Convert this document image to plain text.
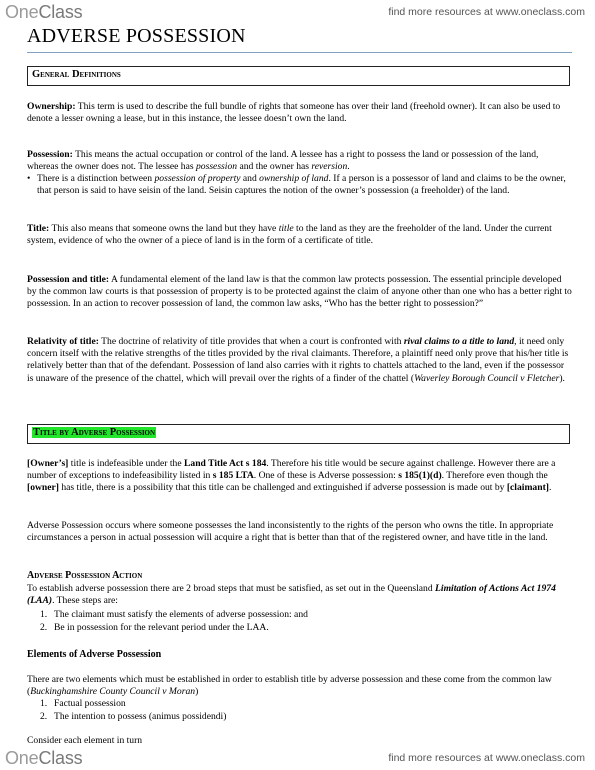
OneClass	find more resources at www.oneclass.com
ADVERSE POSSESSION
General Definitions

Ownership: This term is used to describe the full bundle of rights that someone has over their land (freehold owner). It can also be used to denote a lesser owning a lease, but in this instance, the lessee doesn’t own the land.

Possession: This means the actual occupation or control of the land. A lessee has a right to possess the land or possession of the land, whereas the owner does not. The lessee has possession and the owner has reversion.

• There is a distinction between possession of property and ownership of land. If a person is a possessor of land and claims to be the owner, that person is said to have seisin of the land. Seisin captures the notion of the owner’s possession (a freeholder) of the land.

Title: This also means that someone owns the land but they have title to the land as they are the freeholder of the land. Under the current system, evidence of who the owner of a piece of land is in the form of a certificate of title.

Possession and title: A fundamental element of the land law is that the common law protects possession. The essential principle developed by the common law courts is that possession of property is to be protected against the claim of anyone other than one who has a better right to possession. In an action to recover possession of land, the common law asks, “Who has the better right to possession?”

Relativity of title: The doctrine of relativity of title provides that when a court is confronted with rival claims to a title to land, it need only concern itself with the relative strengths of the titles provided by the rival claimants. Therefore, a plaintiff need only prove that his/her title is relatively better than that of the defendant. Possession of land also carries with it rights to chattels attached to the land, even if the possessor is unaware of the presence of the chattel, which will prevail over the rights of a finder of the chattel (Waverley Borough Council v Fletcher).

Title by Adverse Possession

[Owner’s] title is indefeasible under the Land Title Act s 184. Therefore his title would be secure against challenge. However there are a number of exceptions to indefeasibility listed in s 185 LTA. One of these is Adverse possession: s 185(1)(d). Therefore even though the [owner] has title, there is a possibility that this title can be challenged and extinguished if adverse possession is made out by [claimant].

Adverse Possession occurs where someone possesses the land inconsistently to the rights of the person who owns the title. In appropriate circumstances a person in actual possession will acquire a right that is better than that of the registered owner, and have title in the land.

Adverse Possession Action

To establish adverse possession there are 2 broad steps that must be satisfied, as set out in the Queensland Limitation of Actions Act 1974 (LAA). These steps are:

1. The claimant must satisfy the elements of adverse possession: and
2. Be in possession for the relevant period under the LAA.
Elements of Adverse Possession

There are two elements which must be established in order to establish title by adverse possession and these come from the common law (Buckinghamshire County Council v Moran)

1. Factual possession
2. The intention to possess (animus possidendi)

Consider each element in turn

OneClass	find more resources at www.oneclass.com
